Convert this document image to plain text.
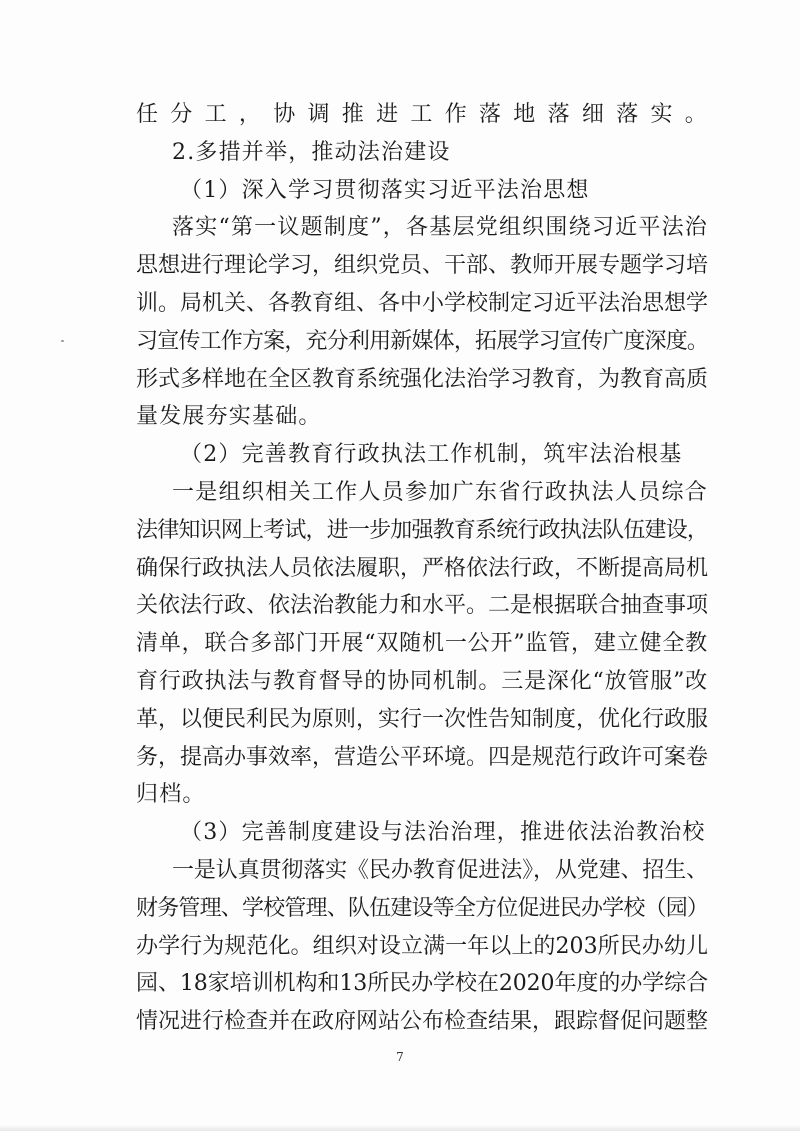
任分工，协调推进工作落地落细落实。
2.多措并举，推动法治建设
（1）深入学习贯彻落实习近平法治思想
落实“第一议题制度”，各基层党组织围绕习近平法治
思想进行理论学习，组织党员、干部、教师开展专题学习培
训。局机关、各教育组、各中小学校制定习近平法治思想学
习宣传工作方案，充分利用新媒体，拓展学习宣传广度深度。
形式多样地在全区教育系统强化法治学习教育，为教育高质
量发展夯实基础。
（2）完善教育行政执法工作机制，筑牢法治根基
一是组织相关工作人员参加广东省行政执法人员综合
法律知识网上考试，进一步加强教育系统行政执法队伍建设，
确保行政执法人员依法履职，严格依法行政，不断提高局机
关依法行政、依法治教能力和水平。二是根据联合抽查事项
清单，联合多部门开展“双随机一公开”监管，建立健全教
育行政执法与教育督导的协同机制。三是深化“放管服”改
革，以便民利民为原则，实行一次性告知制度，优化行政服
务，提高办事效率，营造公平环境。四是规范行政许可案卷
归档。
（3）完善制度建设与法治治理，推进依法治教治校
一是认真贯彻落实《民办教育促进法》，从党建、招生、
财务管理、学校管理、队伍建设等全方位促进民办学校（园）
办学行为规范化。组织对设立满一年以上的203所民办幼儿
园、18家培训机构和13所民办学校在2020年度的办学综合
情况进行检查并在政府网站公布检查结果，跟踪督促问题整
7
